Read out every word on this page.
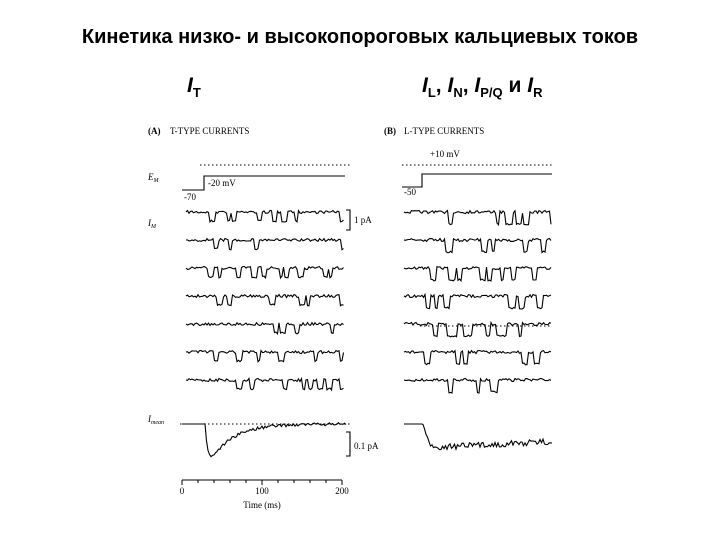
Кинетика низко- и высокопороговых кальциевых токов
$I_T$	$I_L$, $I_N$, $I_{P/Q}$ и $I_R$
(A) T-TYPE CURRENTS	(B) L-TYPE CURRENTS
$E_M$	-20 mV
-70
+10 mV
-50
$I_M$
1 pA
$I_{mean}$
0.1 pA
0	100	200
Time (ms)
